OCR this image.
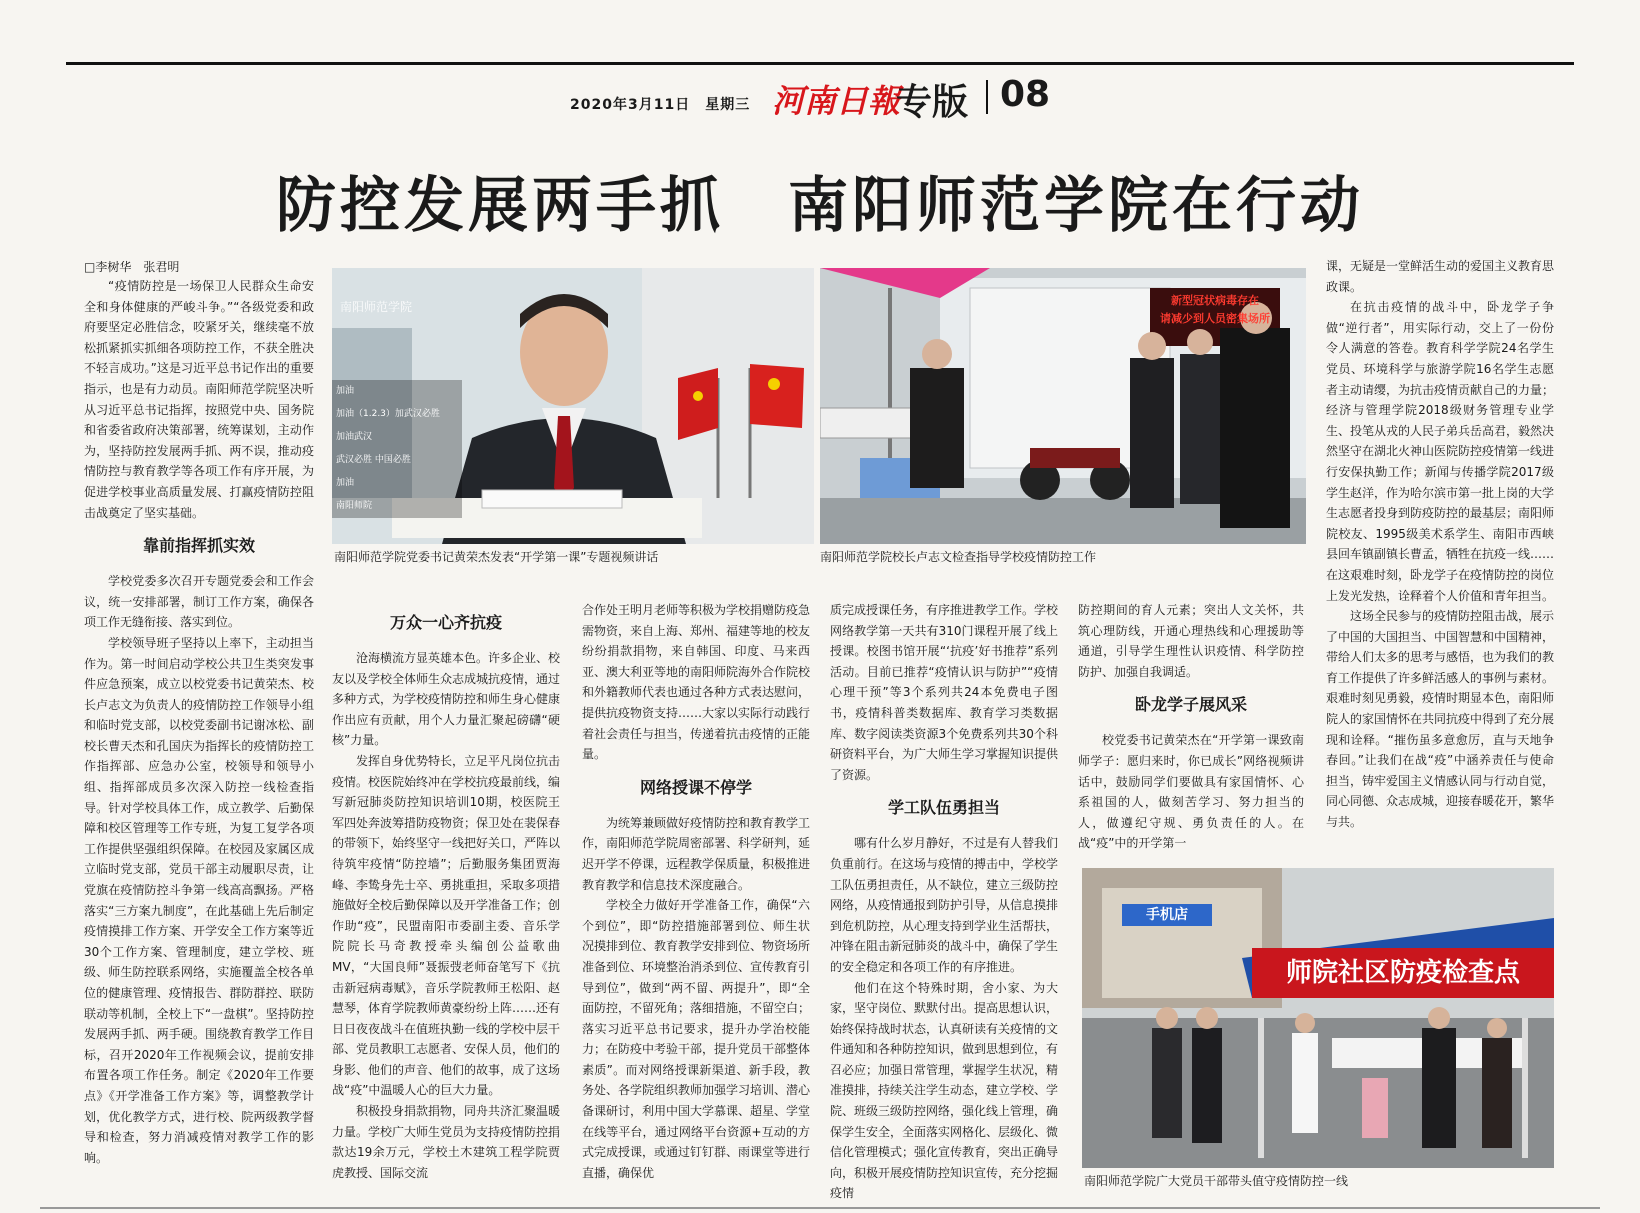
2020年3月11日　星期三 河南日報
专版 08
防控发展两手抓　南阳师范学院在行动
□李树华　张君明

“疫情防控是一场保卫人民群众生命安全和身体健康的严峻斗争。”“各级党委和政府要坚定必胜信念，咬紧牙关，继续毫不放松抓紧抓实抓细各项防控工作，不获全胜决不轻言成功。”这是习近平总书记作出的重要指示，也是有力动员。南阳师范学院坚决听从习近平总书记指挥，按照党中央、国务院和省委省政府决策部署，统筹谋划，主动作为，坚持防控发展两手抓、两不误，推动疫情防控与教育教学等各项工作有序开展，为促进学校事业高质量发展、打赢疫情防控阻击战奠定了坚实基础。

靠前指挥抓实效

学校党委多次召开专题党委会和工作会议，统一安排部署，制订工作方案，确保各项工作无缝衔接、落实到位。

学校领导班子坚持以上率下，主动担当作为。第一时间启动学校公共卫生类突发事件应急预案，成立以校党委书记黄荣杰、校长卢志文为负责人的疫情防控工作领导小组和临时党支部，以校党委副书记谢冰松、副校长曹天杰和孔国庆为指挥长的疫情防控工作指挥部、应急办公室，校领导和领导小组、指挥部成员多次深入防控一线检查指导。针对学校具体工作，成立教学、后勤保障和校区管理等工作专班，为复工复学各项工作提供坚强组织保障。在校园及家属区成立临时党支部，党员干部主动履职尽责，让党旗在疫情防控斗争第一线高高飘扬。严格落实“三方案九制度”，在此基础上先后制定疫情摸排工作方案、开学安全工作方案等近30个工作方案、管理制度，建立学校、班级、师生防控联系网络，实施覆盖全校各单位的健康管理、疫情报告、群防群控、联防联动等机制，全校上下“一盘棋”。坚持防控发展两手抓、两手硬。围绕教育教学工作目标，召开2020年工作视频会议，提前安排布置各项工作任务。制定《2020年工作要点》《开学准备工作方案》等，调整教学计划，优化教学方式，进行校、院两级教学督导和检查，努力消减疫情对教学工作的影响。

南阳师范学院
加油
加油（1.2.3）加武汉必胜
加油武汉
武汉必胜 中国必胜
加油
南阳师院
南阳师范学院党委书记黄荣杰发表“开学第一课”专题视频讲话
新型冠状病毒存在
请减少到人员密集场所
南阳师范学院校长卢志文检查指导学校疫情防控工作
万众一心齐抗疫

沧海横流方显英雄本色。许多企业、校友以及学校全体师生众志成城抗疫情，通过多种方式，为学校疫情防控和师生身心健康作出应有贡献，用个人力量汇聚起磅礴“硬核”力量。

发挥自身优势特长，立足平凡岗位抗击疫情。校医院始终冲在学校抗疫最前线，编写新冠肺炎防控知识培训10期，校医院王军四处奔波筹措防疫物资；保卫处在裴保春的带领下，始终坚守一线把好关口，严阵以待筑牢疫情“防控墙”；后勤服务集团贾海峰、李鸷身先士卒、勇挑重担，采取多项措施做好全校后勤保障以及开学准备工作；创作助“疫”，民盟南阳市委副主委、音乐学院院长马奇教授牵头编创公益歌曲MV，“大国良师”聂振弢老师奋笔写下《抗击新冠病毒赋》，音乐学院教师王松阳、赵慧琴，体育学院教师黄豪纷纷上阵……还有日日夜夜战斗在值班执勤一线的学校中层干部、党员教职工志愿者、安保人员，他们的身影、他们的声音、他们的故事，成了这场战“疫”中温暖人心的巨大力量。

积极投身捐款捐物，同舟共济汇聚温暖力量。学校广大师生党员为支持疫情防控捐款达19余万元，学校土木建筑工程学院贾虎教授、国际交流

合作处王明月老师等积极为学校捐赠防疫急需物资，来自上海、郑州、福建等地的校友纷纷捐款捐物，来自韩国、印度、马来西亚、澳大利亚等地的南阳师院海外合作院校和外籍教师代表也通过各种方式表达慰问，提供抗疫物资支持……大家以实际行动践行着社会责任与担当，传递着抗击疫情的正能量。

网络授课不停学

为统筹兼顾做好疫情防控和教育教学工作，南阳师范学院周密部署、科学研判，延迟开学不停课，远程教学保质量，积极推进教育教学和信息技术深度融合。

学校全力做好开学准备工作，确保“六个到位”，即“防控措施部署到位、师生状况摸排到位、教育教学安排到位、物资场所准备到位、环境整治消杀到位、宣传教育引导到位”，做到“两不留、两提升”，即“全面防控，不留死角；落细措施，不留空白；落实习近平总书记要求，提升办学治校能力；在防疫中考验干部，提升党员干部整体素质”。而对网络授课新渠道、新手段，教务处、各学院组织教师加强学习培训、潜心备课研讨，利用中国大学慕课、超星、学堂在线等平台，通过网络平台资源+互动的方式完成授课，或通过钉钉群、雨课堂等进行直播，确保优

质完成授课任务，有序推进教学工作。学校网络教学第一天共有310门课程开展了线上授课。校图书馆开展“‘抗疫’好书推荐”系列活动。目前已推荐“疫情认识与防护”“疫情心理干预”等3个系列共24本免费电子图书，疫情科普类数据库、教育学习类数据库、数字阅读类资源3个免费系列共30个科研资料平台，为广大师生学习掌握知识提供了资源。

学工队伍勇担当

哪有什么岁月静好，不过是有人替我们负重前行。在这场与疫情的搏击中，学校学工队伍勇担责任，从不缺位，建立三级防控网络，从疫情通报到防护引导，从信息摸排到危机防控，从心理支持到学业生活帮扶，冲锋在阻击新冠肺炎的战斗中，确保了学生的安全稳定和各项工作的有序推进。

他们在这个特殊时期，舍小家、为大家，坚守岗位、默默付出。提高思想认识，始终保持战时状态，认真研读有关疫情的文件通知和各种防控知识，做到思想到位，有召必应；加强日常管理，掌握学生状况，精准摸排，持续关注学生动态，建立学校、学院、班级三级防控网络，强化线上管理，确保学生安全，全面落实网格化、层级化、微信化管理模式；强化宣传教育，突出正确导向，积极开展疫情防控知识宣传，充分挖掘疫情

防控期间的育人元素；突出人文关怀，共筑心理防线，开通心理热线和心理援助等通道，引导学生理性认识疫情、科学防控防护、加强自我调适。

卧龙学子展风采

校党委书记黄荣杰在“开学第一课致南师学子：愿归来时，你已成长”网络视频讲话中，鼓励同学们要做具有家国情怀、心系祖国的人，做刻苦学习、努力担当的人，做遵纪守规、勇负责任的人。在战“疫”中的开学第一

课，无疑是一堂鲜活生动的爱国主义教育思政课。

在抗击疫情的战斗中，卧龙学子争做“逆行者”，用实际行动，交上了一份份令人满意的答卷。教育科学学院24名学生党员、环境科学与旅游学院16名学生志愿者主动请缨，为抗击疫情贡献自己的力量；经济与管理学院2018级财务管理专业学生、投笔从戎的人民子弟兵岳高君，毅然决然坚守在湖北火神山医院防控疫情第一线进行安保执勤工作；新闻与传播学院2017级学生赵洋，作为哈尔滨市第一批上岗的大学生志愿者投身到防疫防控的最基层；南阳师院校友、1995级美术系学生、南阳市西峡县回车镇副镇长曹孟，牺牲在抗疫一线……在这艰难时刻，卧龙学子在疫情防控的岗位上发光发热，诠释着个人价值和青年担当。

这场全民参与的疫情防控阻击战，展示了中国的大国担当、中国智慧和中国精神，带给人们太多的思考与感悟，也为我们的教育工作提供了许多鲜活感人的事例与素材。艰难时刻见勇毅，疫情时期显本色，南阳师院人的家国情怀在共同抗疫中得到了充分展现和诠释。“摧伤虽多意愈厉，直与天地争春回。”让我们在战“疫”中涵养责任与使命担当，铸牢爱国主义情感认同与行动自觉，同心同德、众志成城，迎接春暖花开，繁华与共。

手机店
师院社区防疫检查点
南阳师范学院广大党员干部带头值守疫情防控一线
